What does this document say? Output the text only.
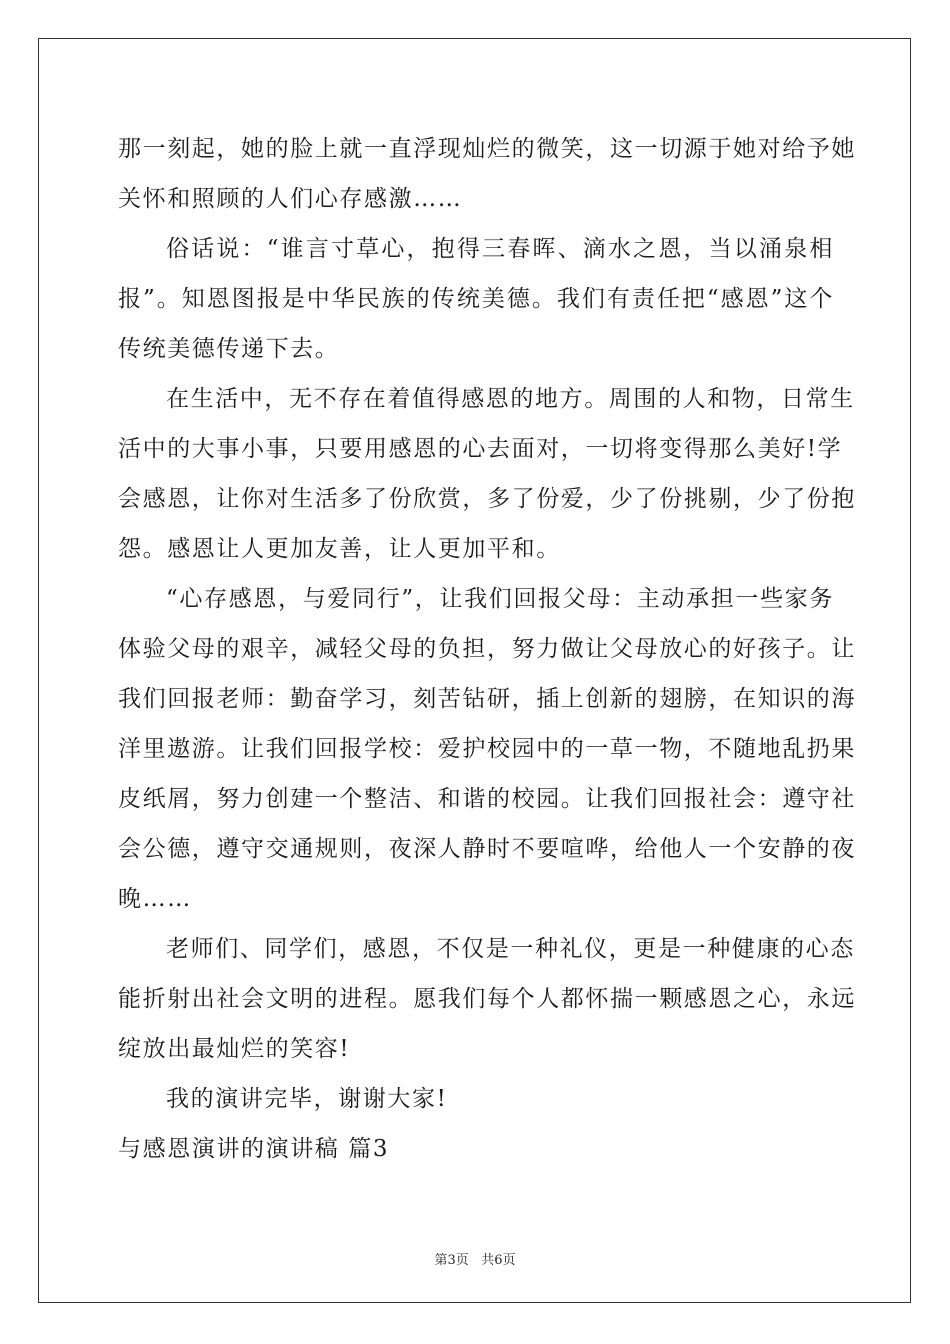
那一刻起，她的脸上就一直浮现灿烂的微笑，这一切源于她对给予她
关怀和照顾的人们心存感激……

俗话说：“谁言寸草心，抱得三春晖、滴水之恩，当以涌泉相
报”。知恩图报是中华民族的传统美德。我们有责任把“感恩”这个
传统美德传递下去。

在生活中，无不存在着值得感恩的地方。周围的人和物，日常生
活中的大事小事，只要用感恩的心去面对，一切将变得那么美好!学
会感恩，让你对生活多了份欣赏，多了份爱，少了份挑剔，少了份抱
怨。感恩让人更加友善，让人更加平和。

“心存感恩，与爱同行”，让我们回报父母：主动承担一些家务
体验父母的艰辛，减轻父母的负担，努力做让父母放心的好孩子。让
我们回报老师：勤奋学习，刻苦钻研，插上创新的翅膀，在知识的海
洋里遨游。让我们回报学校：爱护校园中的一草一物，不随地乱扔果
皮纸屑，努力创建一个整洁、和谐的校园。让我们回报社会：遵守社
会公德，遵守交通规则，夜深人静时不要喧哗，给他人一个安静的夜
晚……

老师们、同学们，感恩，不仅是一种礼仪，更是一种健康的心态
能折射出社会文明的进程。愿我们每个人都怀揣一颗感恩之心，永远
绽放出最灿烂的笑容!

我的演讲完毕，谢谢大家!

与感恩演讲的演讲稿 篇3

第3页 共6页
